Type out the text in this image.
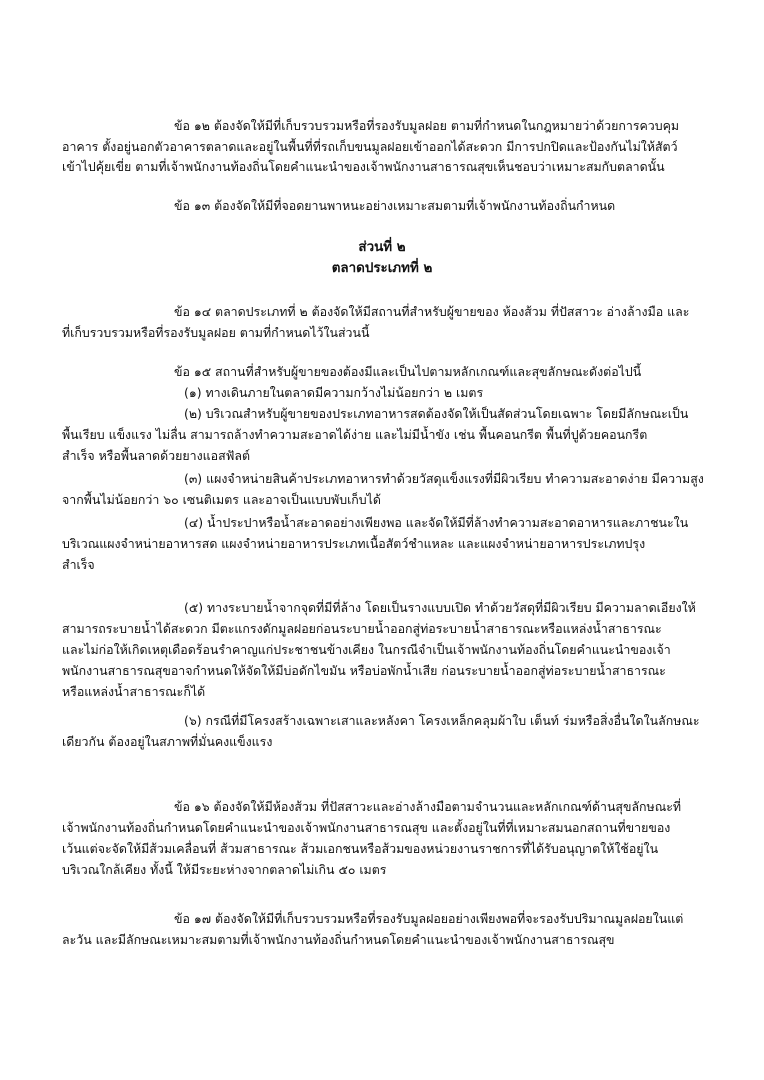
ข้อ ๑๒ ต้องจัดให้มีที่เก็บรวบรวมหรือที่รองรับมูลฝอย ตามที่กำหนดในกฎหมายว่าด้วยการควบคุม
อาคาร ตั้งอยู่นอกตัวอาคารตลาดและอยู่ในพื้นที่ที่รถเก็บขนมูลฝอยเข้าออกได้สะดวก มีการปกปิดและป้องกันไม่ให้สัตว์
เข้าไปคุ้ยเขี่ย ตามที่เจ้าพนักงานท้องถิ่นโดยคำแนะนำของเจ้าพนักงานสาธารณสุขเห็นชอบว่าเหมาะสมกับตลาดนั้น
ข้อ ๑๓ ต้องจัดให้มีที่จอดยานพาหนะอย่างเหมาะสมตามที่เจ้าพนักงานท้องถิ่นกำหนด
ส่วนที่ ๒
ตลาดประเภทที่ ๒
ข้อ ๑๔ ตลาดประเภทที่ ๒ ต้องจัดให้มีสถานที่สำหรับผู้ขายของ ห้องส้วม ที่ปัสสาวะ อ่างล้างมือ และ
ที่เก็บรวบรวมหรือที่รองรับมูลฝอย ตามที่กำหนดไว้ในส่วนนี้
ข้อ ๑๕ สถานที่สำหรับผู้ขายของต้องมีและเป็นไปตามหลักเกณฑ์และสุขลักษณะดังต่อไปนี้
(๑) ทางเดินภายในตลาดมีความกว้างไม่น้อยกว่า ๒ เมตร
(๒) บริเวณสำหรับผู้ขายของประเภทอาหารสดต้องจัดให้เป็นสัดส่วนโดยเฉพาะ โดยมีลักษณะเป็น
พื้นเรียบ แข็งแรง ไม่ลื่น สามารถล้างทำความสะอาดได้ง่าย และไม่มีน้ำขัง เช่น พื้นคอนกรีต พื้นที่ปูด้วยคอนกรีต
สำเร็จ หรือพื้นลาดด้วยยางแอสฟัลต์
(๓) แผงจำหน่ายสินค้าประเภทอาหารทำด้วยวัสดุแข็งแรงที่มีผิวเรียบ ทำความสะอาดง่าย มีความสูง
จากพื้นไม่น้อยกว่า ๖๐ เซนติเมตร และอาจเป็นแบบพับเก็บได้
(๔) น้ำประปาหรือน้ำสะอาดอย่างเพียงพอ และจัดให้มีที่ล้างทำความสะอาดอาหารและภาชนะใน
บริเวณแผงจำหน่ายอาหารสด แผงจำหน่ายอาหารประเภทเนื้อสัตว์ชำแหละ และแผงจำหน่ายอาหารประเภทปรุง
สำเร็จ
(๕) ทางระบายน้ำจากจุดที่มีที่ล้าง โดยเป็นรางแบบเปิด ทำด้วยวัสดุที่มีผิวเรียบ มีความลาดเอียงให้
สามารถระบายน้ำได้สะดวก มีตะแกรงดักมูลฝอยก่อนระบายน้ำออกสู่ท่อระบายน้ำสาธารณะหรือแหล่งน้ำสาธารณะ
และไม่ก่อให้เกิดเหตุเดือดร้อนรำคาญแก่ประชาชนข้างเคียง ในกรณีจำเป็นเจ้าพนักงานท้องถิ่นโดยคำแนะนำของเจ้า
พนักงานสาธารณสุขอาจกำหนดให้จัดให้มีบ่อดักไขมัน หรือบ่อพักน้ำเสีย ก่อนระบายน้ำออกสู่ท่อระบายน้ำสาธารณะ
หรือแหล่งน้ำสาธารณะก็ได้
(๖) กรณีที่มีโครงสร้างเฉพาะเสาและหลังคา โครงเหล็กคลุมผ้าใบ เต็นท์ ร่มหรือสิ่งอื่นใดในลักษณะ
เดียวกัน ต้องอยู่ในสภาพที่มั่นคงแข็งแรง
ข้อ ๑๖ ต้องจัดให้มีห้องส้วม ที่ปัสสาวะและอ่างล้างมือตามจำนวนและหลักเกณฑ์ด้านสุขลักษณะที่
เจ้าพนักงานท้องถิ่นกำหนดโดยคำแนะนำของเจ้าพนักงานสาธารณสุข และตั้งอยู่ในที่ที่เหมาะสมนอกสถานที่ขายของ
เว้นแต่จะจัดให้มีส้วมเคลื่อนที่ ส้วมสาธารณะ ส้วมเอกชนหรือส้วมของหน่วยงานราชการที่ได้รับอนุญาตให้ใช้อยู่ใน
บริเวณใกล้เคียง ทั้งนี้ ให้มีระยะห่างจากตลาดไม่เกิน ๕๐ เมตร
ข้อ ๑๗ ต้องจัดให้มีที่เก็บรวบรวมหรือที่รองรับมูลฝอยอย่างเพียงพอที่จะรองรับปริมาณมูลฝอยในแต่
ละวัน และมีลักษณะเหมาะสมตามที่เจ้าพนักงานท้องถิ่นกำหนดโดยคำแนะนำของเจ้าพนักงานสาธารณสุข
